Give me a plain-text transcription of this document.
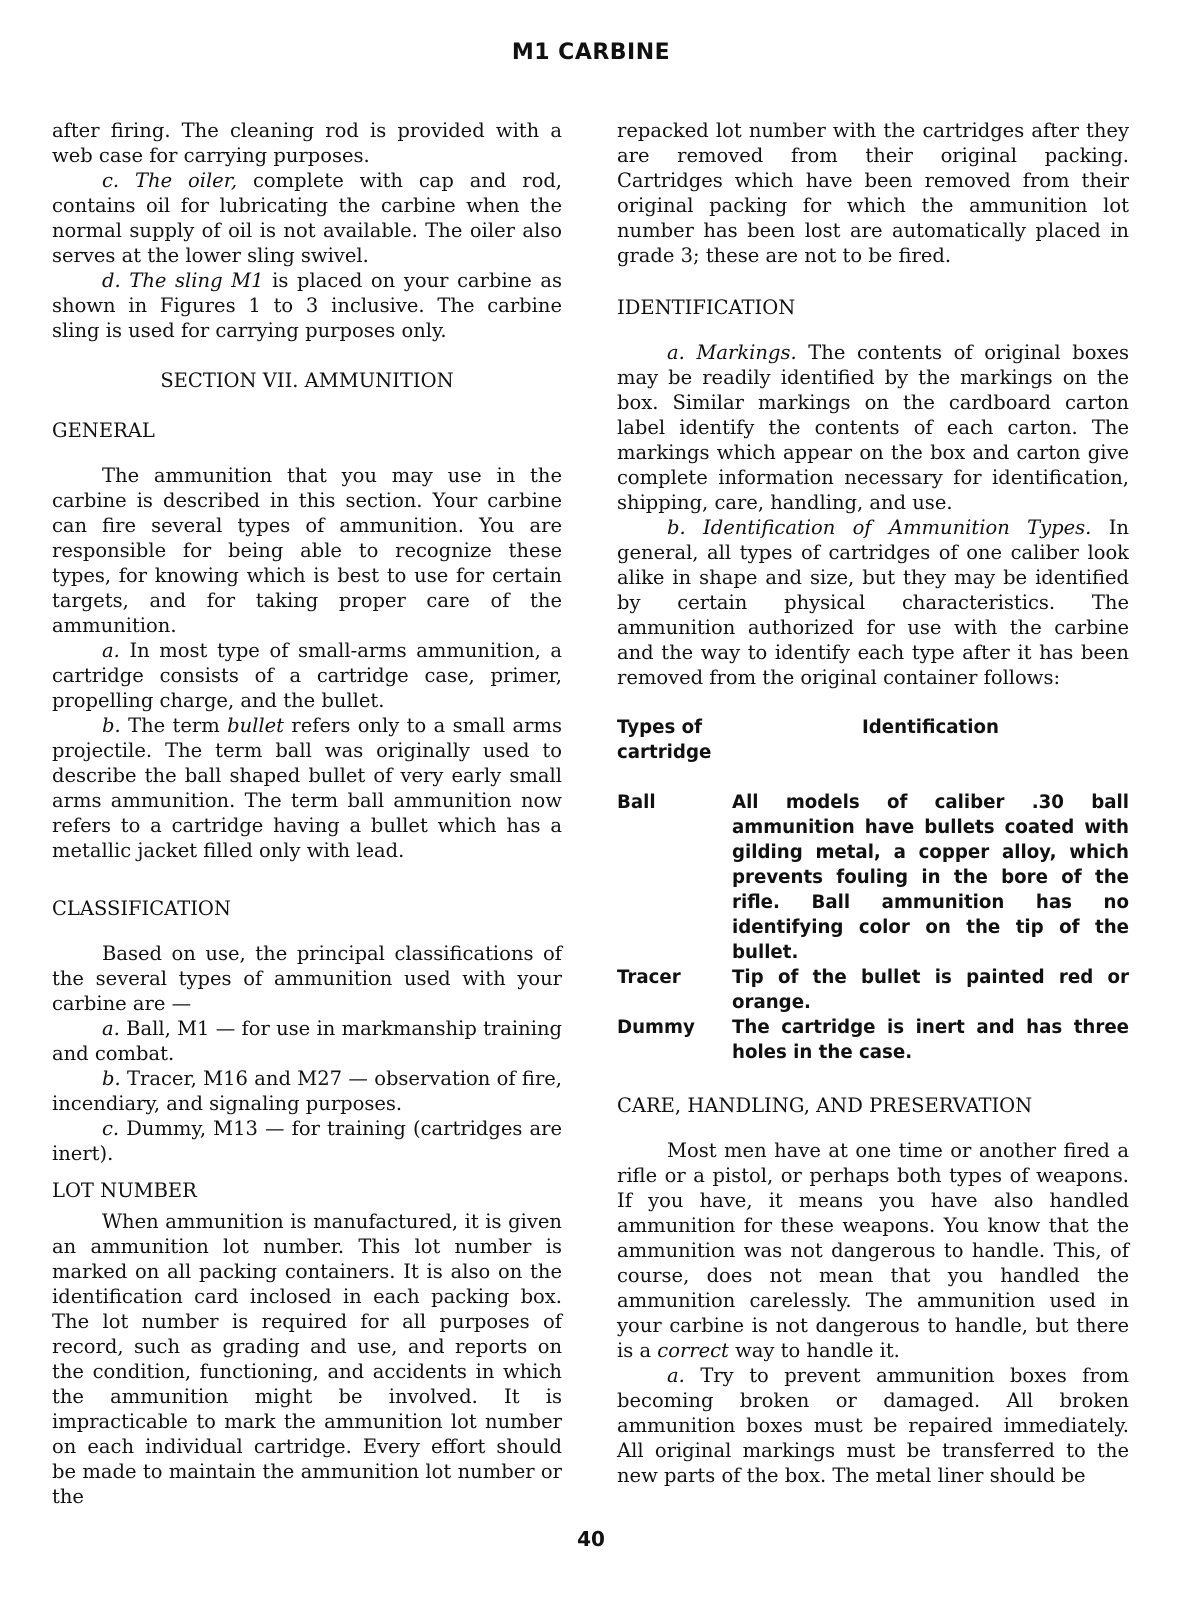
M1 CARBINE

after firing. The cleaning rod is provided with a web case for carrying purposes.

c. The oiler, complete with cap and rod, contains oil for lubricating the carbine when the normal supply of oil is not available. The oiler also serves at the lower sling swivel.

d. The sling M1 is placed on your carbine as shown in Figures 1 to 3 inclusive. The carbine sling is used for carrying purposes only.

SECTION VII. AMMUNITION

GENERAL

The ammunition that you may use in the carbine is described in this section. Your carbine can fire several types of ammunition. You are responsible for being able to recognize these types, for knowing which is best to use for certain targets, and for taking proper care of the ammunition.

a. In most type of small-arms ammunition, a cartridge consists of a cartridge case, primer, propelling charge, and the bullet.

b. The term bullet refers only to a small arms projectile. The term ball was originally used to describe the ball shaped bullet of very early small arms ammunition. The term ball ammunition now refers to a cartridge having a bullet which has a metallic jacket filled only with lead.

CLASSIFICATION

Based on use, the principal classifications of the several types of ammunition used with your carbine are —

a. Ball, M1 — for use in markmanship training and combat.

b. Tracer, M16 and M27 — observation of fire, incendiary, and signaling purposes.

c. Dummy, M13 — for training (cartridges are inert).

LOT NUMBER

When ammunition is manufactured, it is given an ammunition lot number. This lot number is marked on all packing containers. It is also on the identification card inclosed in each packing box. The lot number is required for all purposes of record, such as grading and use, and reports on the condition, functioning, and accidents in which the ammunition might be involved. It is impracticable to mark the ammunition lot number on each individual cartridge. Every effort should be made to maintain the ammunition lot number or the

repacked lot number with the cartridges after they are removed from their original packing. Cartridges which have been removed from their original packing for which the ammunition lot number has been lost are automatically placed in grade 3; these are not to be fired.

IDENTIFICATION

a. Markings. The contents of original boxes may be readily identified by the markings on the box. Similar markings on the cardboard carton label identify the contents of each carton. The markings which appear on the box and carton give complete information necessary for identification, shipping, care, handling, and use.

b. Identification of Ammunition Types. In general, all types of cartridges of one caliber look alike in shape and size, but they may be identified by certain physical characteristics. The ammunition authorized for use with the carbine and the way to identify each type after it has been removed from the original container follows:

Types of cartridge
Identification
Ball	All models of caliber .30 ball ammunition have bullets coated with gilding metal, a copper alloy, which prevents fouling in the bore of the rifle. Ball ammunition has no identifying color on the tip of the bullet.
Tracer	Tip of the bullet is painted red or orange.
Dummy	The cartridge is inert and has three holes in the case.

CARE, HANDLING, AND PRESERVATION

Most men have at one time or another fired a rifle or a pistol, or perhaps both types of weapons. If you have, it means you have also handled ammunition for these weapons. You know that the ammunition was not dangerous to handle. This, of course, does not mean that you handled the ammunition carelessly. The ammunition used in your carbine is not dangerous to handle, but there is a correct way to handle it.

a. Try to prevent ammunition boxes from becoming broken or damaged. All broken ammunition boxes must be repaired immediately. All original markings must be transferred to the new parts of the box. The metal liner should be

40
